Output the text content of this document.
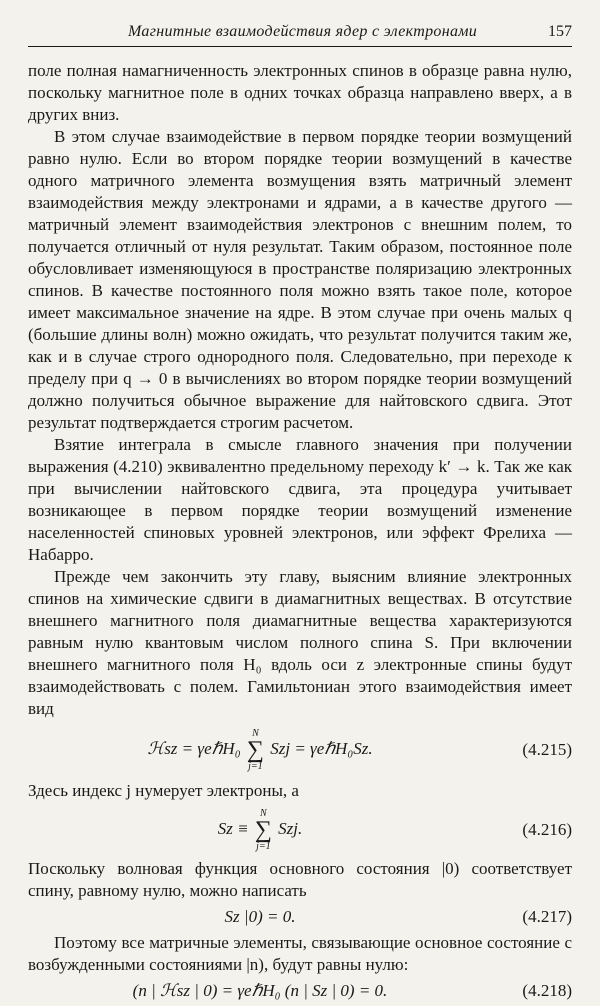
Магнитные взаимодействия ядер с электронами	157

поле полная намагниченность электронных спинов в образце равна нулю, поскольку магнитное поле в одних точках образца направлено вверх, а в других вниз.

В этом случае взаимодействие в первом порядке теории возмущений равно нулю. Если во втором порядке теории возмущений в качестве одного матричного элемента возмущения взять матричный элемент взаимодействия между электронами и ядрами, а в качестве другого — матричный элемент взаимодействия электронов с внешним полем, то получается отличный от нуля результат. Таким образом, постоянное поле обусловливает изменяющуюся в пространстве поляризацию электронных спинов. В качестве постоянного поля можно взять такое поле, которое имеет максимальное значение на ядре. В этом случае при очень малых q (большие длины волн) можно ожидать, что результат получится таким же, как и в случае строго однородного поля. Следовательно, при переходе к пределу при q → 0 в вычислениях во втором порядке теории возмущений должно получиться обычное выражение для найтовского сдвига. Этот результат подтверждается строгим расчетом.

Взятие интеграла в смысле главного значения при получении выражения (4.210) эквивалентно предельному переходу k′ → k. Так же как при вычислении найтовского сдвига, эта процедура учитывает возникающее в первом порядке теории возмущений изменение населенностей спиновых уровней электронов, или эффект Фрелиха — Набарро.

Прежде чем закончить эту главу, выясним влияние электронных спинов на химические сдвиги в диамагнитных веществах. В отсутствие внешнего магнитного поля диамагнитные вещества характеризуются равным нулю квантовым числом полного спина S. При включении внешнего магнитного поля H₀ вдоль оси z электронные спины будут взаимодействовать с полем. Гамильтониан этого взаимодействия имеет вид

ℋsz = γeℏH₀
N
∑
j=1
Szj = γeℏH₀Sz.	(4.215)

Здесь индекс j нумерует электроны, а

Sz ≡
N
∑
j=1
Szj.	(4.216)

Поскольку волновая функция основного состояния |0) соответствует спину, равному нулю, можно написать

Sz |0) = 0.	(4.217)

Поэтому все матричные элементы, связывающие основное состояние с возбужденными состояниями |n), будут равны нулю:

(n | ℋsz | 0) = γeℏH₀ (n | Sz | 0) = 0.	(4.218)
